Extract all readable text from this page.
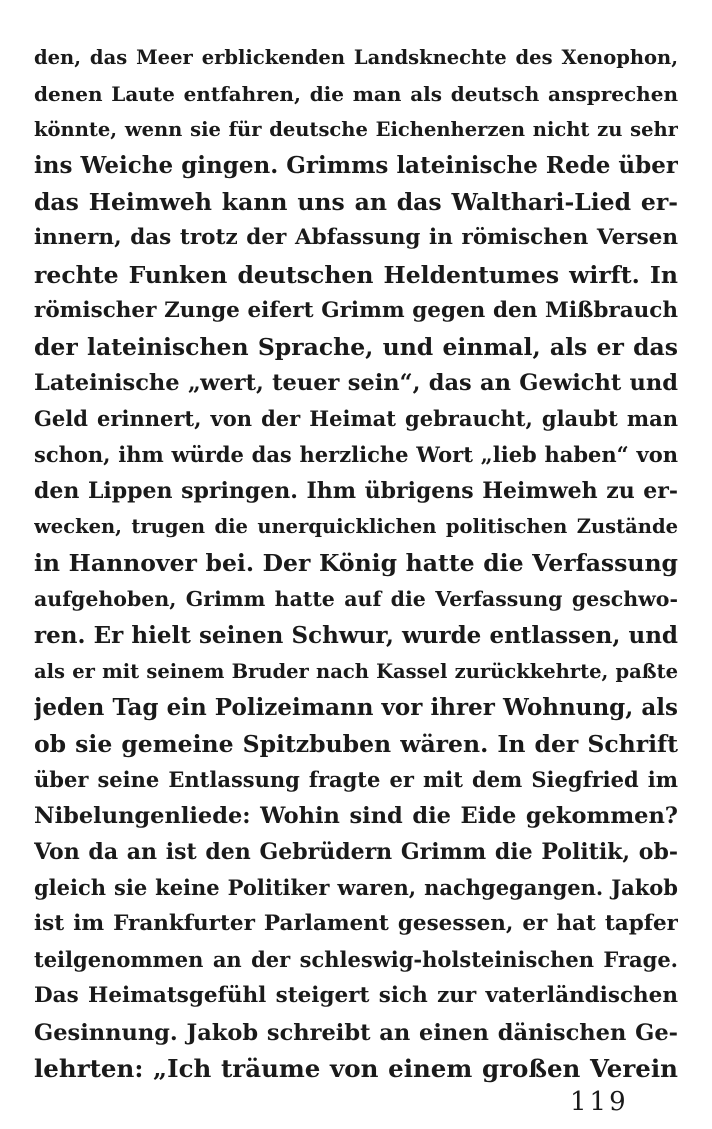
den, das Meer erblickenden Landsknechte des Xenophon,
denen Laute entfahren, die man als deutsch ansprechen
könnte, wenn sie für deutsche Eichenherzen nicht zu sehr
ins Weiche gingen. Grimms lateinische Rede über
das Heimweh kann uns an das Walthari-Lied er-
innern, das trotz der Abfassung in römischen Versen
rechte Funken deutschen Heldentumes wirft. In
römischer Zunge eifert Grimm gegen den Mißbrauch
der lateinischen Sprache, und einmal, als er das
Lateinische „wert, teuer sein“, das an Gewicht und
Geld erinnert, von der Heimat gebraucht, glaubt man
schon, ihm würde das herzliche Wort „lieb haben“ von
den Lippen springen. Ihm übrigens Heimweh zu er-
wecken, trugen die unerquicklichen politischen Zustände
in Hannover bei. Der König hatte die Verfassung
aufgehoben, Grimm hatte auf die Verfassung geschwo-
ren. Er hielt seinen Schwur, wurde entlassen, und
als er mit seinem Bruder nach Kassel zurückkehrte, paßte
jeden Tag ein Polizeimann vor ihrer Wohnung, als
ob sie gemeine Spitzbuben wären. In der Schrift
über seine Entlassung fragte er mit dem Siegfried im
Nibelungenliede: Wohin sind die Eide gekommen?
Von da an ist den Gebrüdern Grimm die Politik, ob-
gleich sie keine Politiker waren, nachgegangen. Jakob
ist im Frankfurter Parlament gesessen, er hat tapfer
teilgenommen an der schleswig-holsteinischen Frage.
Das Heimatsgefühl steigert sich zur vaterländischen
Gesinnung. Jakob schreibt an einen dänischen Ge-
lehrten: „Ich träume von einem großen Verein
119
